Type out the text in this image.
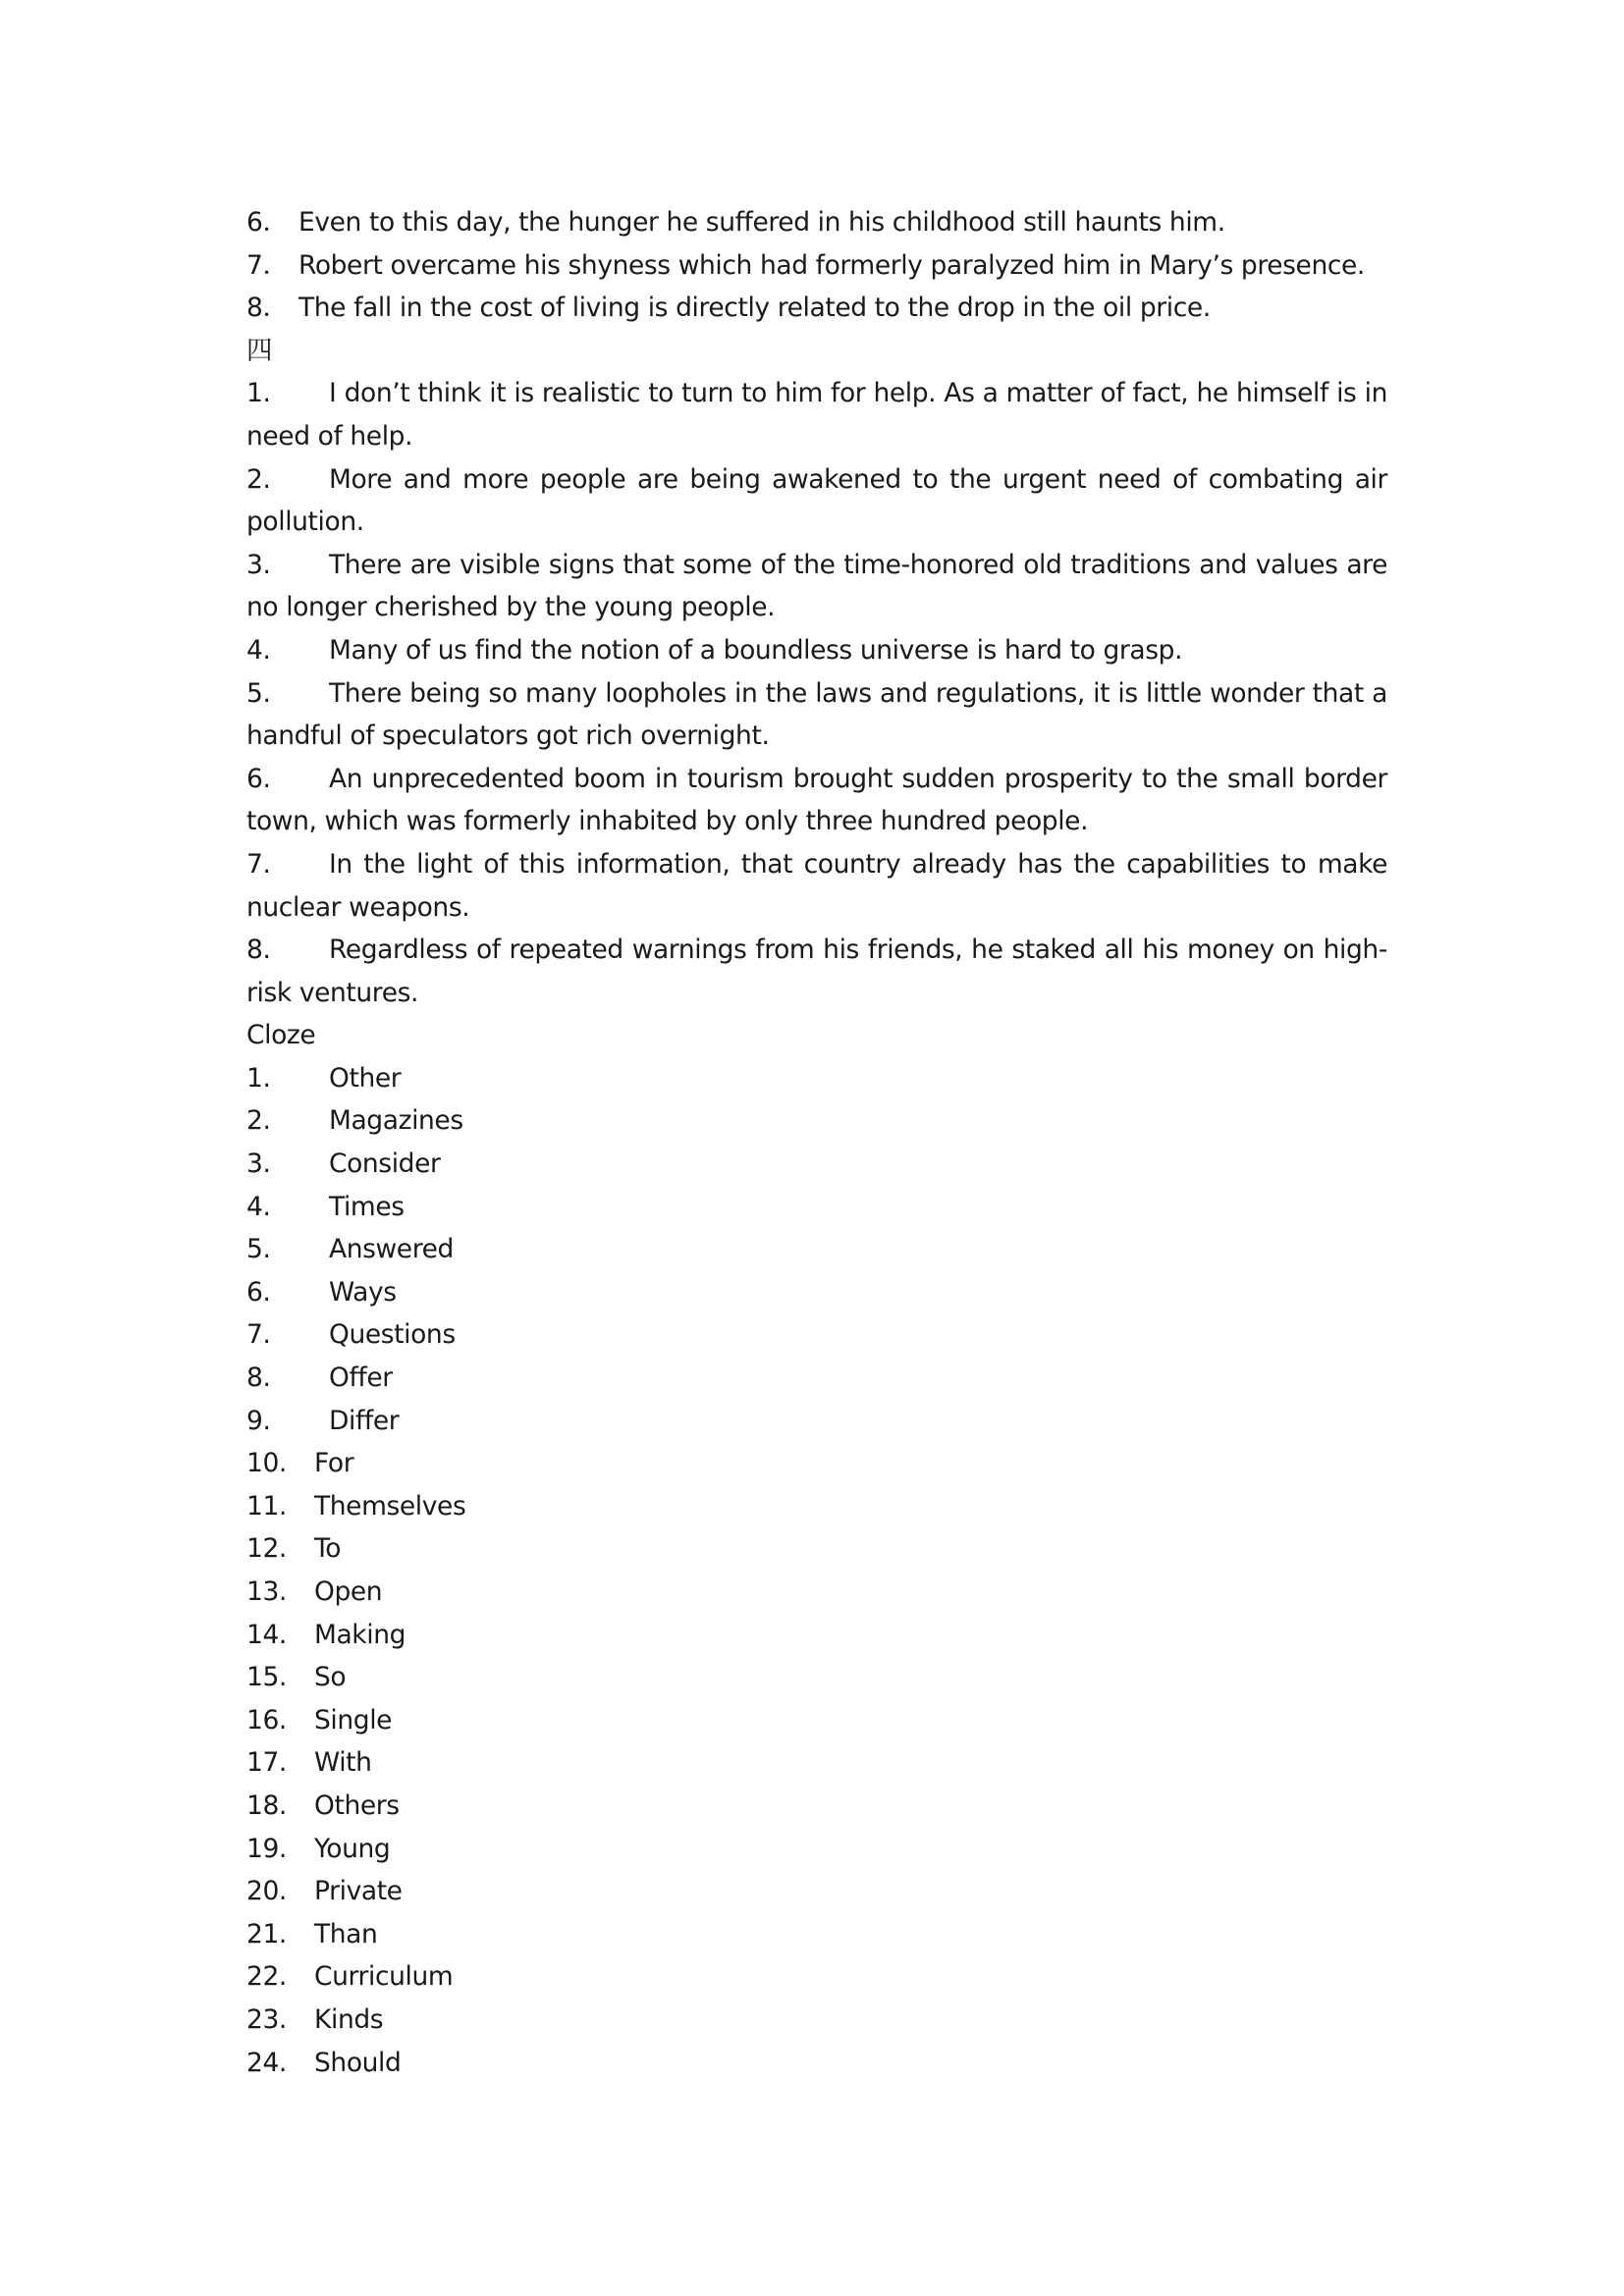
6． Even to this day, the hunger he suffered in his childhood still haunts him.
7． Robert overcame his shyness which had formerly paralyzed him in Mary’s presence.
8． The fall in the cost of living is directly related to the drop in the oil price.
四
1. I don’t think it is realistic to turn to him for help. As a matter of fact, he himself is in need of help.
2. More and more people are being awakened to the urgent need of combating air pollution.
3. There are visible signs that some of the time-honored old traditions and values are no longer cherished by the young people.
4. Many of us find the notion of a boundless universe is hard to grasp.
5. There being so many loopholes in the laws and regulations, it is little wonder that a handful of speculators got rich overnight.
6. An unprecedented boom in tourism brought sudden prosperity to the small border town, which was formerly inhabited by only three hundred people.
7. In the light of this information, that country already has the capabilities to make nuclear weapons.
8. Regardless of repeated warnings from his friends, he staked all his money on high-risk ventures.
Cloze
1. Other
2. Magazines
3. Consider
4. Times
5. Answered
6. Ways
7. Questions
8. Offer
9. Differ
10. For
11. Themselves
12. To
13. Open
14. Making
15. So
16. Single
17. With
18. Others
19. Young
20. Private
21. Than
22. Curriculum
23. Kinds
24. Should
